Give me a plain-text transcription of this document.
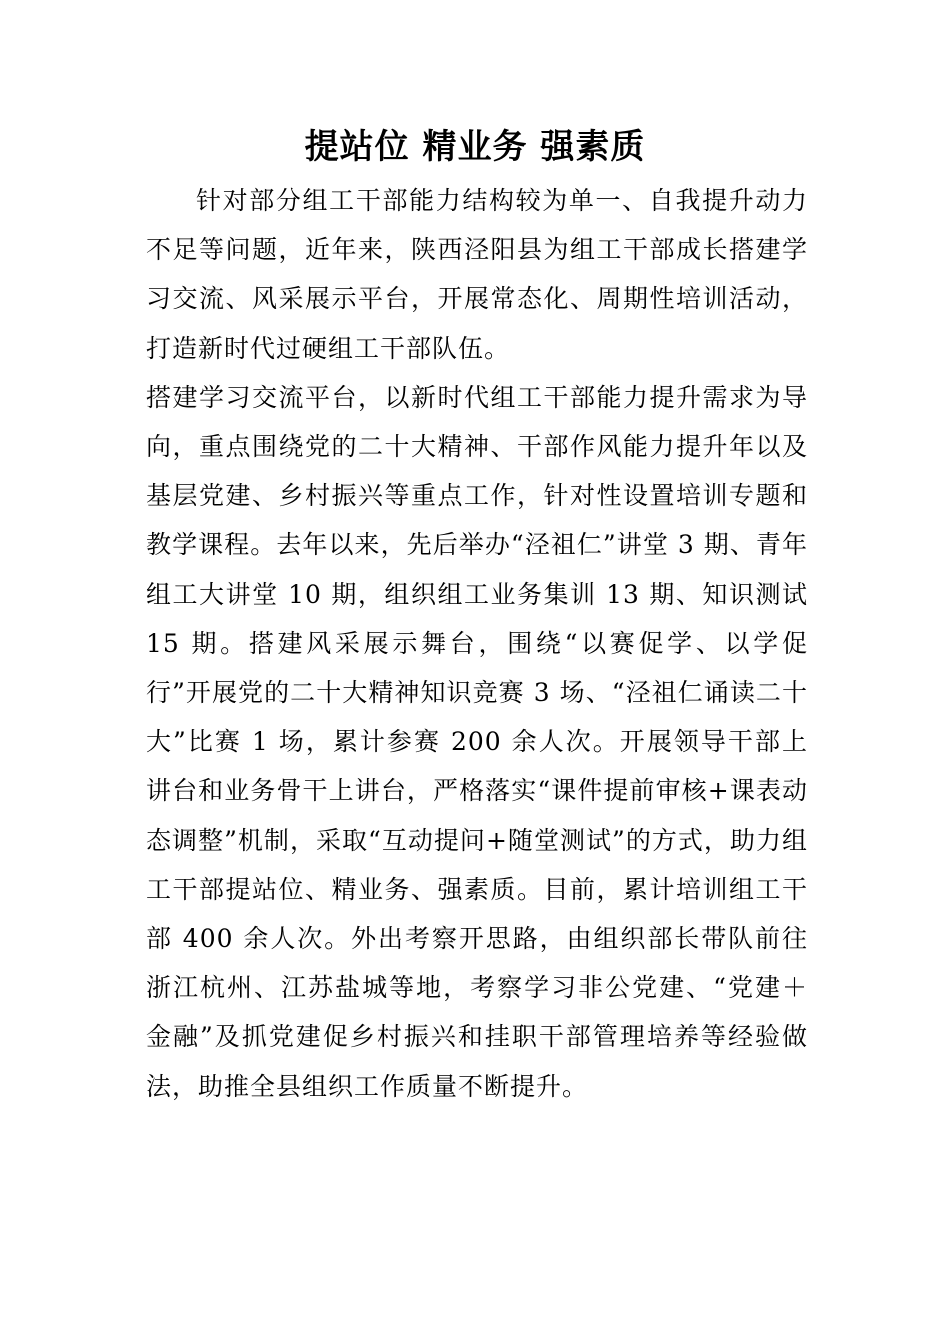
提站位 精业务 强素质

针对部分组工干部能力结构较为单一、自我提升动力不足等问题，近年来，陕西泾阳县为组工干部成长搭建学习交流、风采展示平台，开展常态化、周期性培训活动，打造新时代过硬组工干部队伍。

搭建学习交流平台，以新时代组工干部能力提升需求为导向，重点围绕党的二十大精神、干部作风能力提升年以及基层党建、乡村振兴等重点工作，针对性设置培训专题和教学课程。去年以来，先后举办“泾祖仁”讲堂 3 期、青年组工大讲堂 10 期，组织组工业务集训 13 期、知识测试 15 期。搭建风采展示舞台，围绕“以赛促学、以学促行”开展党的二十大精神知识竞赛 3 场、“泾祖仁诵读二十大”比赛 1 场，累计参赛 200 余人次。开展领导干部上讲台和业务骨干上讲台，严格落实“课件提前审核+课表动态调整”机制，采取“互动提问+随堂测试”的方式，助力组工干部提站位、精业务、强素质。目前，累计培训组工干部 400 余人次。外出考察开思路，由组织部长带队前往浙江杭州、江苏盐城等地，考察学习非公党建、“党建＋金融”及抓党建促乡村振兴和挂职干部管理培养等经验做法，助推全县组织工作质量不断提升。
